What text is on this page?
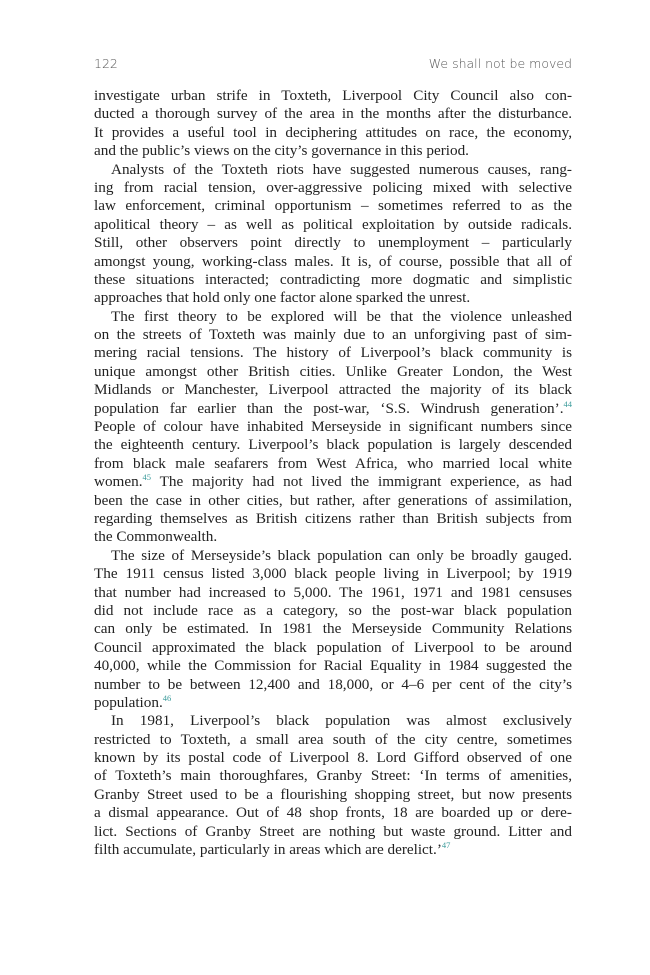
122	We shall not be moved
investigate urban strife in Toxteth, Liverpool City Council also con-
ducted a thorough survey of the area in the months after the disturbance.
It provides a useful tool in deciphering attitudes on race, the economy,
and the public’s views on the city’s governance in this period.
Analysts of the Toxteth riots have suggested numerous causes, rang-
ing from racial tension, over-aggressive policing mixed with selective
law enforcement, criminal opportunism – sometimes referred to as the
apolitical theory – as well as political exploitation by outside radicals.
Still, other observers point directly to unemployment – particularly
amongst young, working-class males. It is, of course, possible that all of
these situations interacted; contradicting more dogmatic and simplistic
approaches that hold only one factor alone sparked the unrest.
The first theory to be explored will be that the violence unleashed
on the streets of Toxteth was mainly due to an unforgiving past of sim-
mering racial tensions. The history of Liverpool’s black community is
unique amongst other British cities. Unlike Greater London, the West
Midlands or Manchester, Liverpool attracted the majority of its black
population far earlier than the post-war, ‘S.S. Windrush generation’.$^{44}$
People of colour have inhabited Merseyside in significant numbers since
the eighteenth century. Liverpool’s black population is largely descended
from black male seafarers from West Africa, who married local white
women.$^{45}$ The majority had not lived the immigrant experience, as had
been the case in other cities, but rather, after generations of assimilation,
regarding themselves as British citizens rather than British subjects from
the Commonwealth.
The size of Merseyside’s black population can only be broadly gauged.
The 1911 census listed 3,000 black people living in Liverpool; by 1919
that number had increased to 5,000. The 1961, 1971 and 1981 censuses
did not include race as a category, so the post-war black population
can only be estimated. In 1981 the Merseyside Community Relations
Council approximated the black population of Liverpool to be around
40,000, while the Commission for Racial Equality in 1984 suggested the
number to be between 12,400 and 18,000, or 4–6 per cent of the city’s
population.$^{46}$
In 1981, Liverpool’s black population was almost exclusively
restricted to Toxteth, a small area south of the city centre, sometimes
known by its postal code of Liverpool 8. Lord Gifford observed of one
of Toxteth’s main thoroughfares, Granby Street: ‘In terms of amenities,
Granby Street used to be a flourishing shopping street, but now presents
a dismal appearance. Out of 48 shop fronts, 18 are boarded up or dere-
lict. Sections of Granby Street are nothing but waste ground. Litter and
filth accumulate, particularly in areas which are derelict.’$^{47}$
